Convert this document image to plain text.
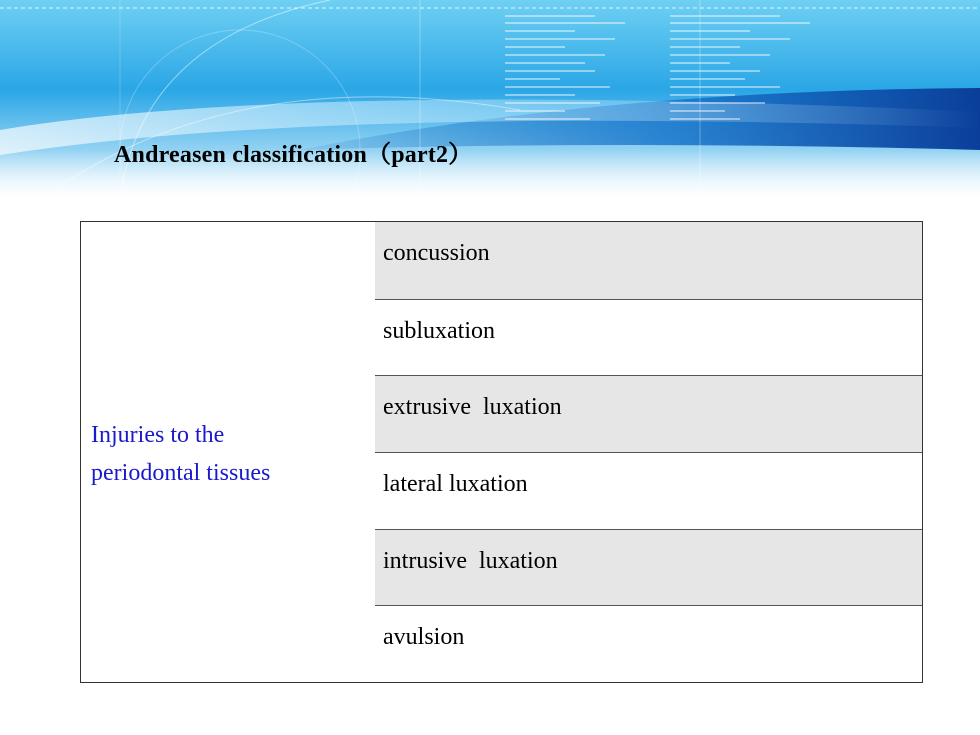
Andreasen classification（part2）
Injuries to the
periodontal tissues
concussion
subluxation
extrusive  luxation
lateral luxation
intrusive  luxation
avulsion
